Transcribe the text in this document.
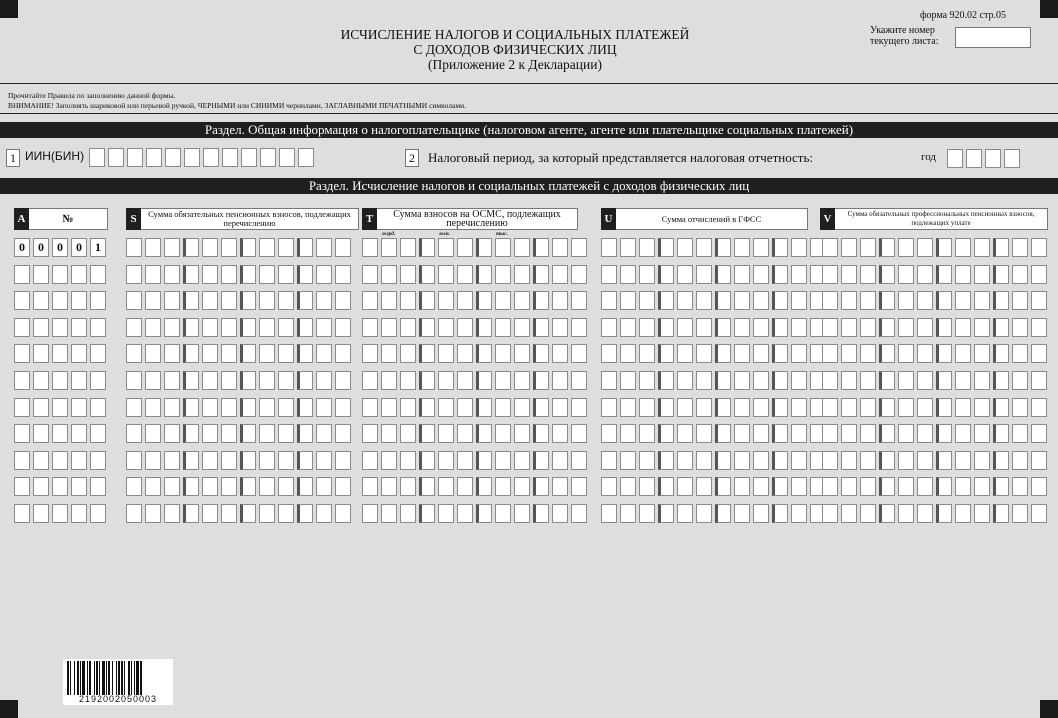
форма 920.02 стр.05
ИСЧИСЛЕНИЕ НАЛОГОВ И СОЦИАЛЬНЫХ ПЛАТЕЖЕЙ
С ДОХОДОВ ФИЗИЧЕСКИХ ЛИЦ
(Приложение 2 к Декларации)
Укажите номер
текущего листа:
Прочитайте Правила по заполнению данной формы.
ВНИМАНИЕ! Заполнять шариковой или перьевой ручкой, ЧЕРНЫМИ или СИНИМИ чернилами, ЗАГЛАВНЫМИ ПЕЧАТНЫМИ символами.
Раздел. Общая информация о налогоплательщике (налоговом агенте, агенте или плательщике социальных платежей)
1 ИИН(БИН)	2	Налоговый период, за который представляется налоговая отчетность:	год
Раздел. Исчисление налогов и социальных платежей с доходов физических лиц
A	№	S	Сумма обязательных пенсионных взносов, подлежащих перечислению	T	Сумма взносов на ОСМС, подлежащих перечислению	U	Сумма отчислений в ГФСС	V	Сумма обязательных профессиональных пенсионных взносов, подлежащих уплате
млрд.	млн.	тыс.
0	0	0	0	1
2192002050003
